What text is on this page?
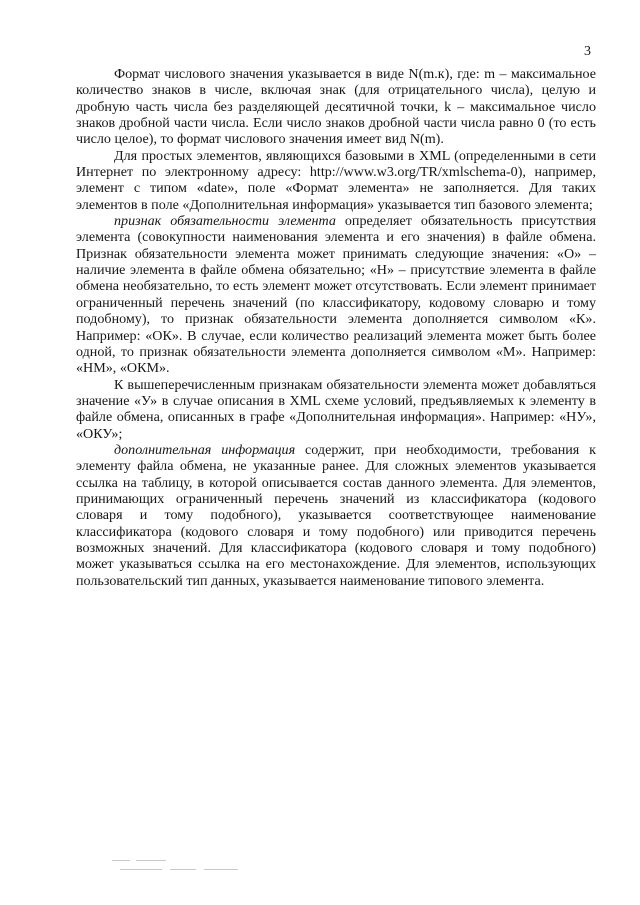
3

Формат числового значения указывается в виде N(m.к), где: m – максимальное количество знаков в числе, включая знак (для отрицательного числа), целую и дробную часть числа без разделяющей десятичной точки, k – максимальное число знаков дробной части числа. Если число знаков дробной части числа равно 0 (то есть число целое), то формат числового значения имеет вид N(m).

Для простых элементов, являющихся базовыми в XML (определенными в сети Интернет по электронному адресу: http://www.w3.org/TR/xmlschema-0), например, элемент с типом «date», поле «Формат элемента» не заполняется. Для таких элементов в поле «Дополнительная информация» указывается тип базового элемента;

признак обязательности элемента определяет обязательность присутствия элемента (совокупности наименования элемента и его значения) в файле обмена. Признак обязательности элемента может принимать следующие значения: «О» – наличие элемента в файле обмена обязательно; «Н» – присутствие элемента в файле обмена необязательно, то есть элемент может отсутствовать. Если элемент принимает ограниченный перечень значений (по классификатору, кодовому словарю и тому подобному), то признак обязательности элемента дополняется символом «К». Например: «ОК». В случае, если количество реализаций элемента может быть более одной, то признак обязательности элемента дополняется символом «М». Например: «НМ», «ОКМ».

К вышеперечисленным признакам обязательности элемента может добавляться значение «У» в случае описания в XML схеме условий, предъявляемых к элементу в файле обмена, описанных в графе «Дополнительная информация». Например: «НУ», «ОКУ»;

дополнительная информация содержит, при необходимости, требования к элементу файла обмена, не указанные ранее. Для сложных элементов указывается ссылка на таблицу, в которой описывается состав данного элемента. Для элементов, принимающих ограниченный перечень значений из классификатора (кодового словаря и тому подобного), указывается соответствующее наименование классификатора (кодового словаря и тому подобного) или приводится перечень возможных значений. Для классификатора (кодового словаря и тому подобного) может указываться ссылка на его местонахождение. Для элементов, использующих пользовательский тип данных, указывается наименование типового элемента.
